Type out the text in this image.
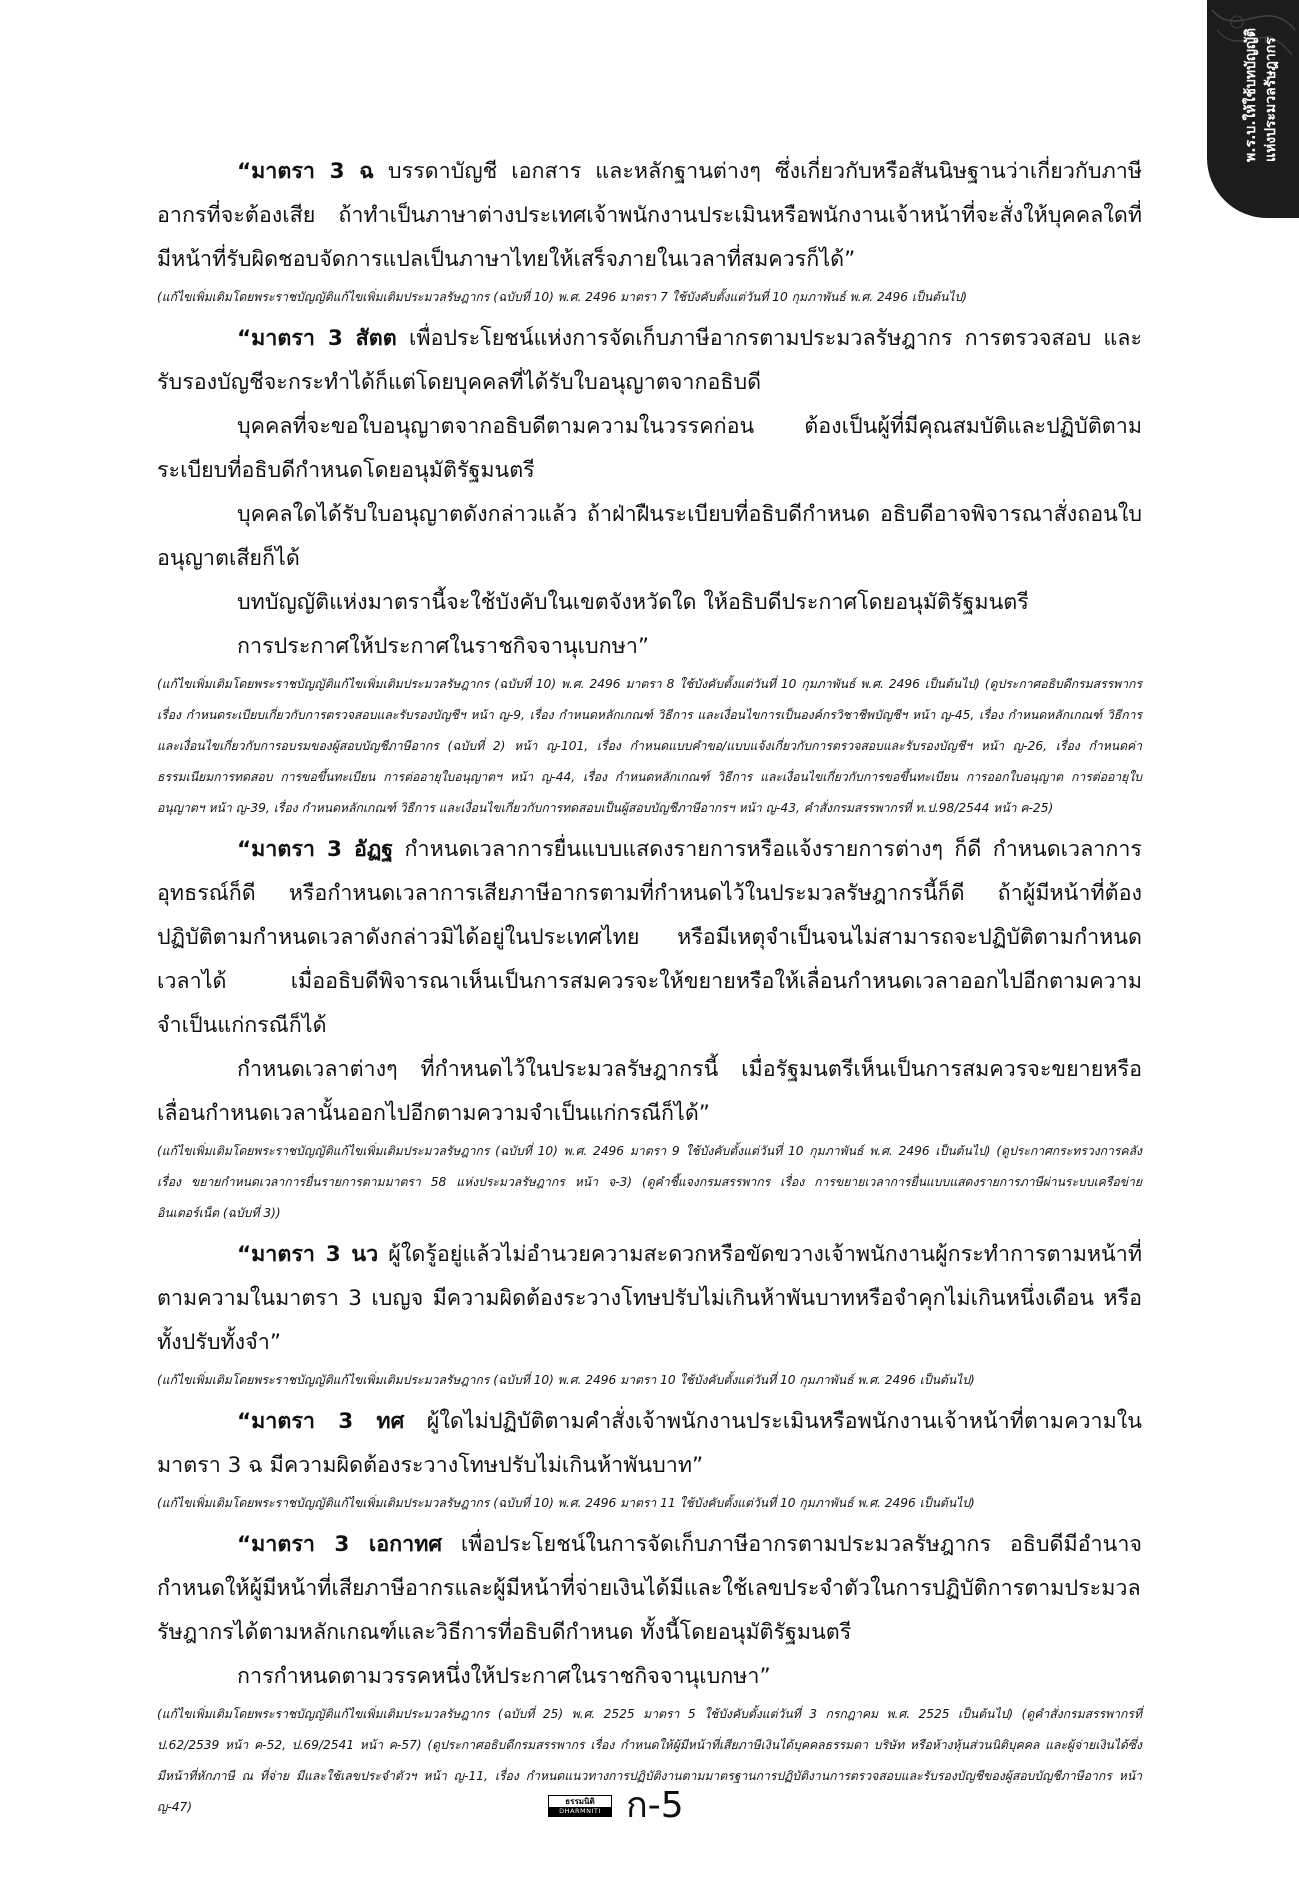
พ.ร.บ.ให้ใช้บทบัญญัติ แห่งประมวลรัษฎากร

“มาตรา 3 ฉ บรรดาบัญชี เอกสาร และหลักฐานต่างๆ ซึ่งเกี่ยวกับหรือสันนิษฐานว่าเกี่ยวกับภาษีอากรที่จะต้องเสีย ถ้าทำเป็นภาษาต่างประเทศเจ้าพนักงานประเมินหรือพนักงานเจ้าหน้าที่จะสั่งให้บุคคลใดที่มีหน้าที่รับผิดชอบจัดการแปลเป็นภาษาไทยให้เสร็จภายในเวลาที่สมควรก็ได้”

(แก้ไขเพิ่มเติมโดยพระราชบัญญัติแก้ไขเพิ่มเติมประมวลรัษฎากร (ฉบับที่ 10) พ.ศ. 2496 มาตรา 7 ใช้บังคับตั้งแต่วันที่ 10 กุมภาพันธ์ พ.ศ. 2496 เป็นต้นไป)

“มาตรา 3 สัตต เพื่อประโยชน์แห่งการจัดเก็บภาษีอากรตามประมวลรัษฎากร การตรวจสอบ และรับรองบัญชีจะกระทำได้ก็แต่โดยบุคคลที่ได้รับใบอนุญาตจากอธิบดี

บุคคลที่จะขอใบอนุญาตจากอธิบดีตามความในวรรคก่อน ต้องเป็นผู้ที่มีคุณสมบัติและปฏิบัติตามระเบียบที่อธิบดีกำหนดโดยอนุมัติรัฐมนตรี

บุคคลใดได้รับใบอนุญาตดังกล่าวแล้ว ถ้าฝ่าฝืนระเบียบที่อธิบดีกำหนด อธิบดีอาจพิจารณาสั่งถอนใบอนุญาตเสียก็ได้

บทบัญญัติแห่งมาตรานี้จะใช้บังคับในเขตจังหวัดใด ให้อธิบดีประกาศโดยอนุมัติรัฐมนตรี

การประกาศให้ประกาศในราชกิจจานุเบกษา”

(แก้ไขเพิ่มเติมโดยพระราชบัญญัติแก้ไขเพิ่มเติมประมวลรัษฎากร (ฉบับที่ 10) พ.ศ. 2496 มาตรา 8 ใช้บังคับตั้งแต่วันที่ 10 กุมภาพันธ์ พ.ศ. 2496 เป็นต้นไป) (ดูประกาศอธิบดีกรมสรรพากร เรื่อง กำหนดระเบียบเกี่ยวกับการตรวจสอบและรับรองบัญชีฯ หน้า ญ-9, เรื่อง กำหนดหลักเกณฑ์ วิธีการ และเงื่อนไขการเป็นองค์กรวิชาชีพบัญชีฯ หน้า ญ-45, เรื่อง กำหนดหลักเกณฑ์ วิธีการ และเงื่อนไขเกี่ยวกับการอบรมของผู้สอบบัญชีภาษีอากร (ฉบับที่ 2) หน้า ญ-101, เรื่อง กำหนดแบบคำขอ/แบบแจ้งเกี่ยวกับการตรวจสอบและรับรองบัญชีฯ หน้า ญ-26, เรื่อง กำหนดค่าธรรมเนียมการทดสอบ การขอขึ้นทะเบียน การต่ออายุใบอนุญาตฯ หน้า ญ-44, เรื่อง กำหนดหลักเกณฑ์ วิธีการ และเงื่อนไขเกี่ยวกับการขอขึ้นทะเบียน การออกใบอนุญาต การต่ออายุใบอนุญาตฯ หน้า ญ-39, เรื่อง กำหนดหลักเกณฑ์ วิธีการ และเงื่อนไขเกี่ยวกับการทดสอบเป็นผู้สอบบัญชีภาษีอากรฯ หน้า ญ-43, คำสั่งกรมสรรพากรที่ ท.ป.98/2544 หน้า ค-25)

“มาตรา 3 อัฏฐ กำหนดเวลาการยื่นแบบแสดงรายการหรือแจ้งรายการต่างๆ ก็ดี กำหนดเวลาการอุทธรณ์ก็ดี หรือกำหนดเวลาการเสียภาษีอากรตามที่กำหนดไว้ในประมวลรัษฎากรนี้ก็ดี ถ้าผู้มีหน้าที่ต้องปฏิบัติตามกำหนดเวลาดังกล่าวมิได้อยู่ในประเทศไทย หรือมีเหตุจำเป็นจนไม่สามารถจะปฏิบัติตามกำหนดเวลาได้ เมื่ออธิบดีพิจารณาเห็นเป็นการสมควรจะให้ขยายหรือให้เลื่อนกำหนดเวลาออกไปอีกตามความจำเป็นแก่กรณีก็ได้

กำหนดเวลาต่างๆ ที่กำหนดไว้ในประมวลรัษฎากรนี้ เมื่อรัฐมนตรีเห็นเป็นการสมควรจะขยายหรือเลื่อนกำหนดเวลานั้นออกไปอีกตามความจำเป็นแก่กรณีก็ได้”

(แก้ไขเพิ่มเติมโดยพระราชบัญญัติแก้ไขเพิ่มเติมประมวลรัษฎากร (ฉบับที่ 10) พ.ศ. 2496 มาตรา 9 ใช้บังคับตั้งแต่วันที่ 10 กุมภาพันธ์ พ.ศ. 2496 เป็นต้นไป) (ดูประกาศกระทรวงการคลัง เรื่อง ขยายกำหนดเวลาการยื่นรายการตามมาตรา 58 แห่งประมวลรัษฎากร หน้า จ-3) (ดูคำชี้แจงกรมสรรพากร เรื่อง การขยายเวลาการยื่นแบบแสดงรายการภาษีผ่านระบบเครือข่ายอินเตอร์เน็ต (ฉบับที่ 3))

“มาตรา 3 นว ผู้ใดรู้อยู่แล้วไม่อำนวยความสะดวกหรือขัดขวางเจ้าพนักงานผู้กระทำการตามหน้าที่ตามความในมาตรา 3 เบญจ มีความผิดต้องระวางโทษปรับไม่เกินห้าพันบาทหรือจำคุกไม่เกินหนึ่งเดือน หรือทั้งปรับทั้งจำ”

(แก้ไขเพิ่มเติมโดยพระราชบัญญัติแก้ไขเพิ่มเติมประมวลรัษฎากร (ฉบับที่ 10) พ.ศ. 2496 มาตรา 10 ใช้บังคับตั้งแต่วันที่ 10 กุมภาพันธ์ พ.ศ. 2496 เป็นต้นไป)

“มาตรา 3 ทศ ผู้ใดไม่ปฏิบัติตามคำสั่งเจ้าพนักงานประเมินหรือพนักงานเจ้าหน้าที่ตามความในมาตรา 3 ฉ มีความผิดต้องระวางโทษปรับไม่เกินห้าพันบาท”

(แก้ไขเพิ่มเติมโดยพระราชบัญญัติแก้ไขเพิ่มเติมประมวลรัษฎากร (ฉบับที่ 10) พ.ศ. 2496 มาตรา 11 ใช้บังคับตั้งแต่วันที่ 10 กุมภาพันธ์ พ.ศ. 2496 เป็นต้นไป)

“มาตรา 3 เอกาทศ เพื่อประโยชน์ในการจัดเก็บภาษีอากรตามประมวลรัษฎากร อธิบดีมีอำนาจกำหนดให้ผู้มีหน้าที่เสียภาษีอากรและผู้มีหน้าที่จ่ายเงินได้มีและใช้เลขประจำตัวในการปฏิบัติการตามประมวลรัษฎากรได้ตามหลักเกณฑ์และวิธีการที่อธิบดีกำหนด ทั้งนี้โดยอนุมัติรัฐมนตรี

การกำหนดตามวรรคหนึ่งให้ประกาศในราชกิจจานุเบกษา”

(แก้ไขเพิ่มเติมโดยพระราชบัญญัติแก้ไขเพิ่มเติมประมวลรัษฎากร (ฉบับที่ 25) พ.ศ. 2525 มาตรา 5 ใช้บังคับตั้งแต่วันที่ 3 กรกฎาคม พ.ศ. 2525 เป็นต้นไป) (ดูคำสั่งกรมสรรพากรที่ ป.62/2539 หน้า ค-52, ป.69/2541 หน้า ค-57) (ดูประกาศอธิบดีกรมสรรพากร เรื่อง กำหนดให้ผู้มีหน้าที่เสียภาษีเงินได้บุคคลธรรมดา บริษัท หรือห้างหุ้นส่วนนิติบุคคล และผู้จ่ายเงินได้ซึ่งมีหน้าที่หักภาษี ณ ที่จ่าย มีและใช้เลขประจำตัวฯ หน้า ญ-11, เรื่อง กำหนดแนวทางการปฏิบัติงานตามมาตรฐานการปฏิบัติงานการตรวจสอบและรับรองบัญชีของผู้สอบบัญชีภาษีอากร หน้า ญ-47)	ธรรมนิติ
DHARMNITI ก-5
